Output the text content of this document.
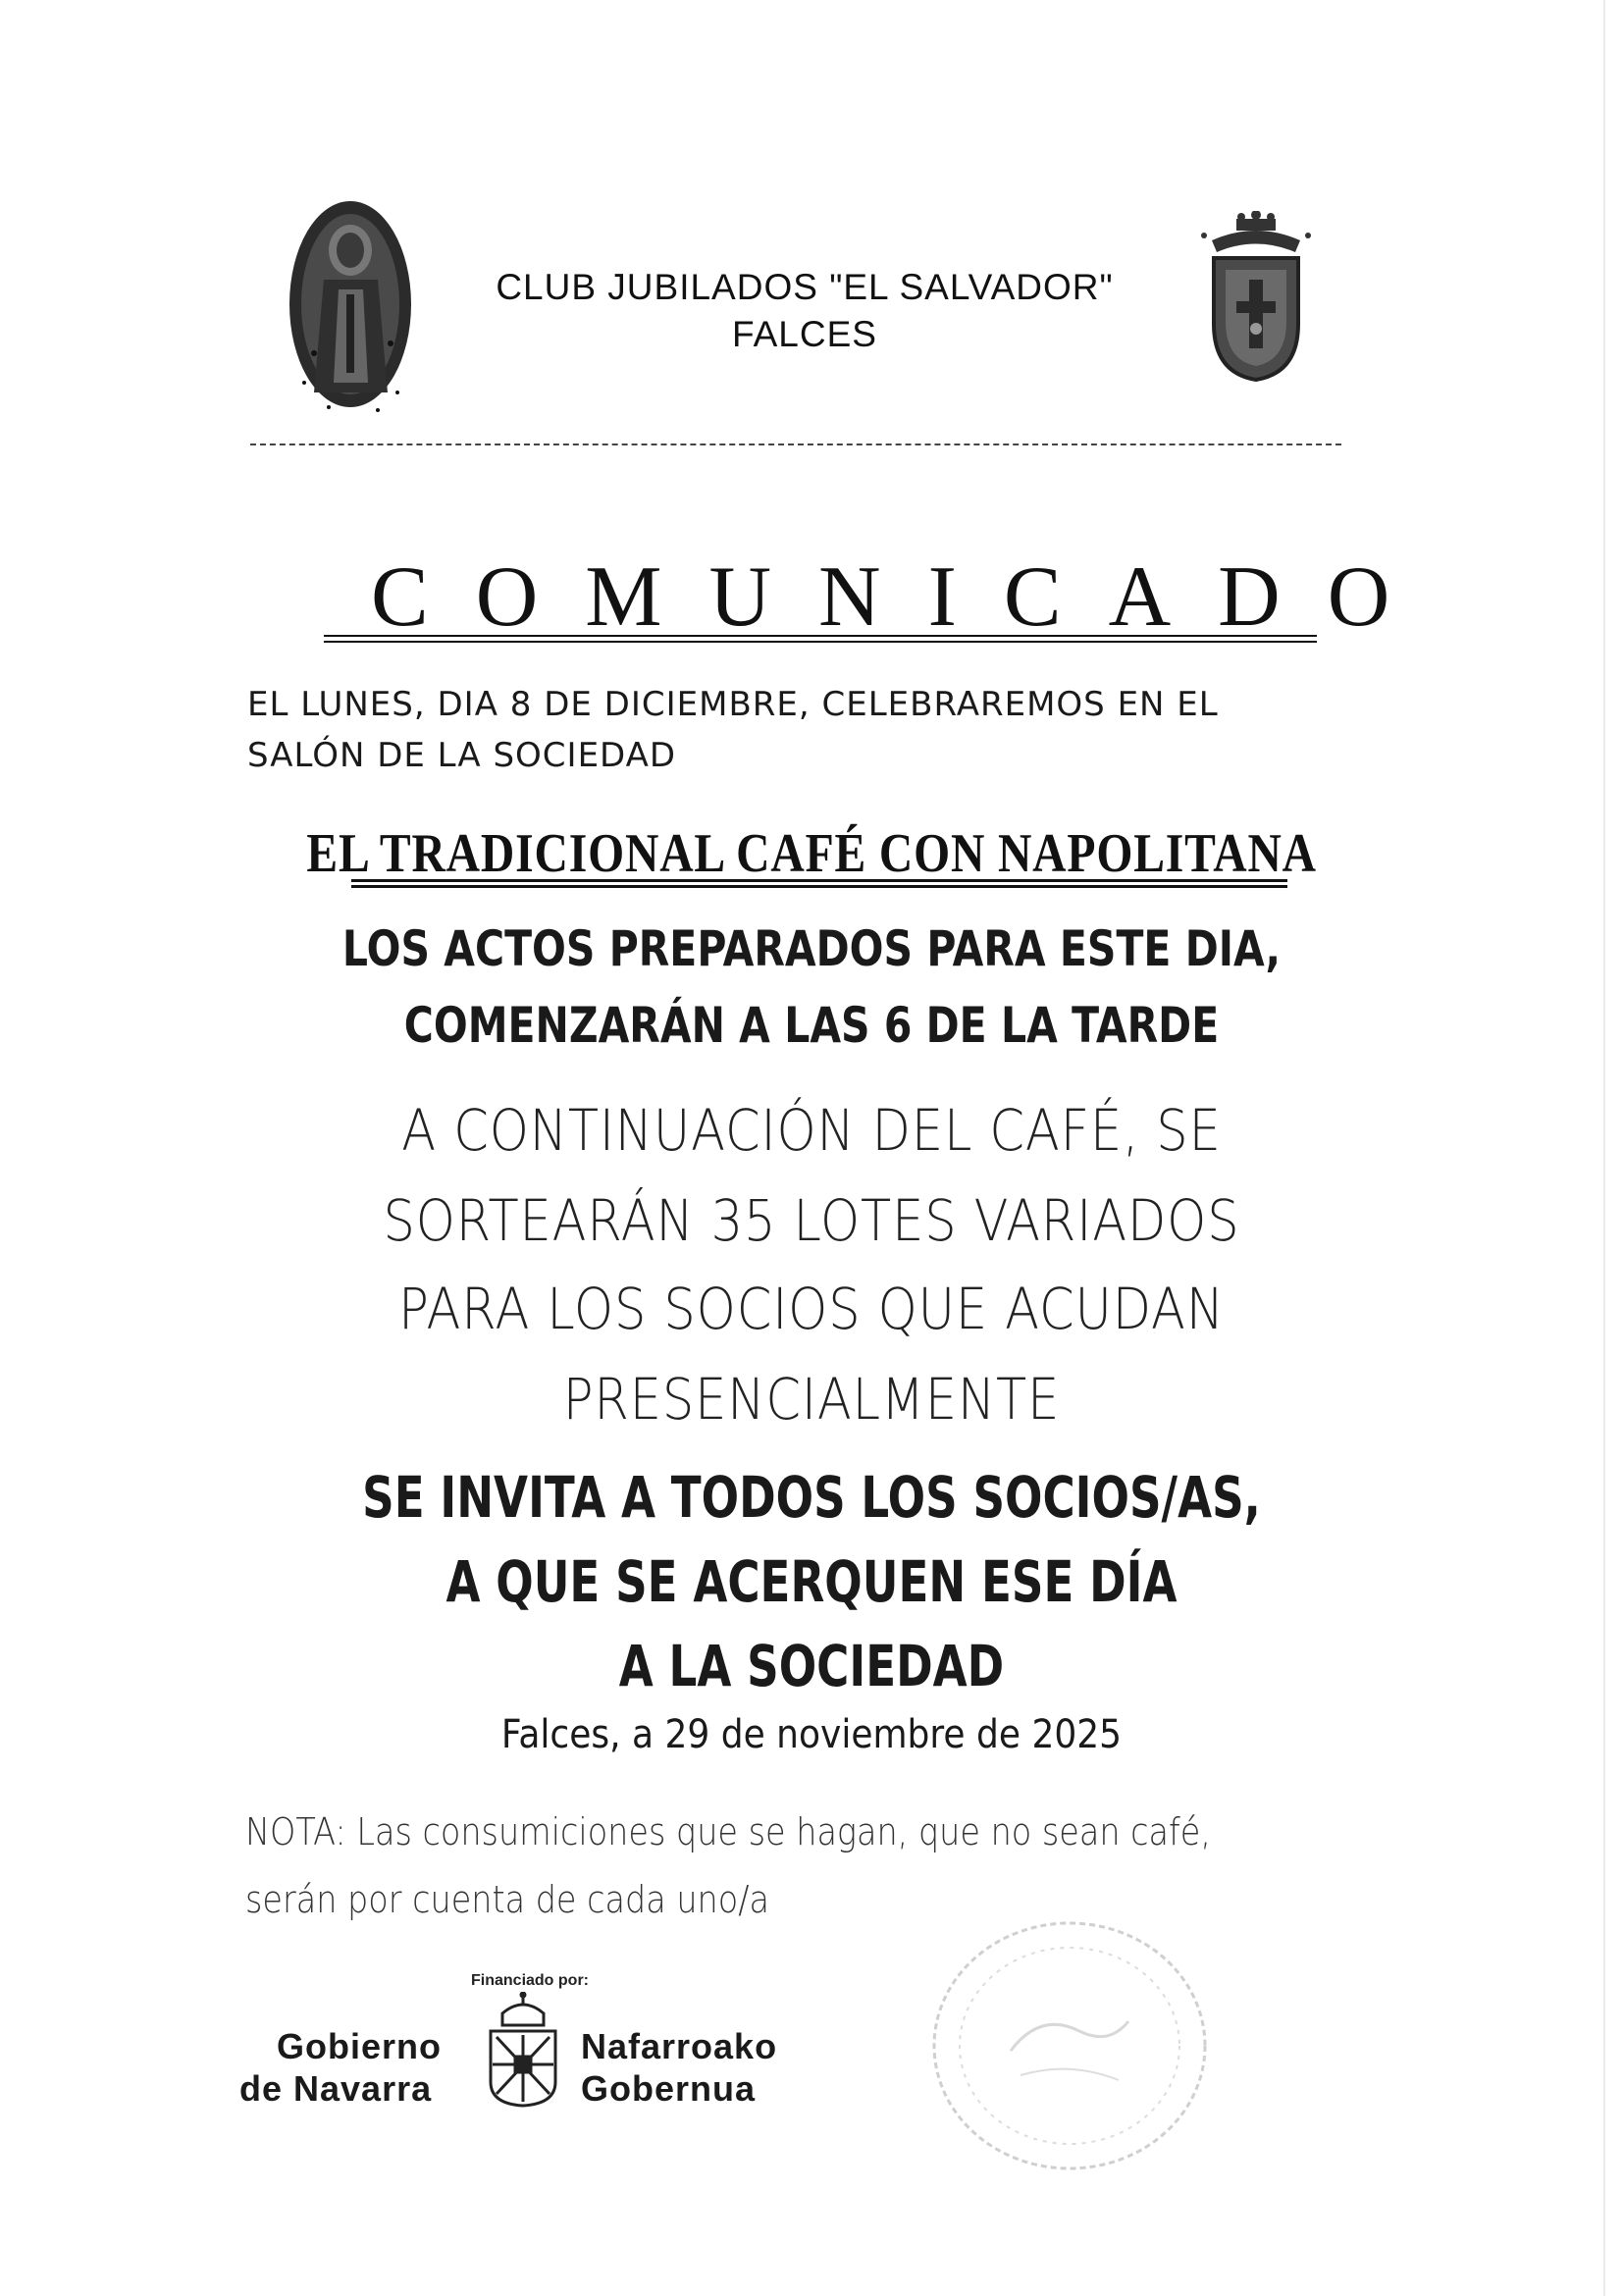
CLUB JUBILADOS "EL SALVADOR"
FALCES
COMUNICADO
EL LUNES, DIA 8 DE DICIEMBRE, CELEBRAREMOS EN EL
SALÓN DE LA SOCIEDAD
EL TRADICIONAL CAFÉ CON NAPOLITANA
LOS ACTOS PREPARADOS PARA ESTE DIA,
COMENZARÁN A LAS 6 DE LA TARDE
A CONTINUACIÓN DEL CAFÉ, SE
SORTEARÁN 35 LOTES VARIADOS
PARA LOS SOCIOS QUE ACUDAN
PRESENCIALMENTE
SE INVITA A TODOS LOS SOCIOS/AS,
A QUE SE ACERQUEN ESE DÍA
A LA SOCIEDAD
Falces, a 29 de noviembre de 2025
NOTA: Las consumiciones que se hagan, que no sean café,
serán por cuenta de cada uno/a
Financiado por:
Gobierno
de Navarra
Nafarroako
Gobernua
